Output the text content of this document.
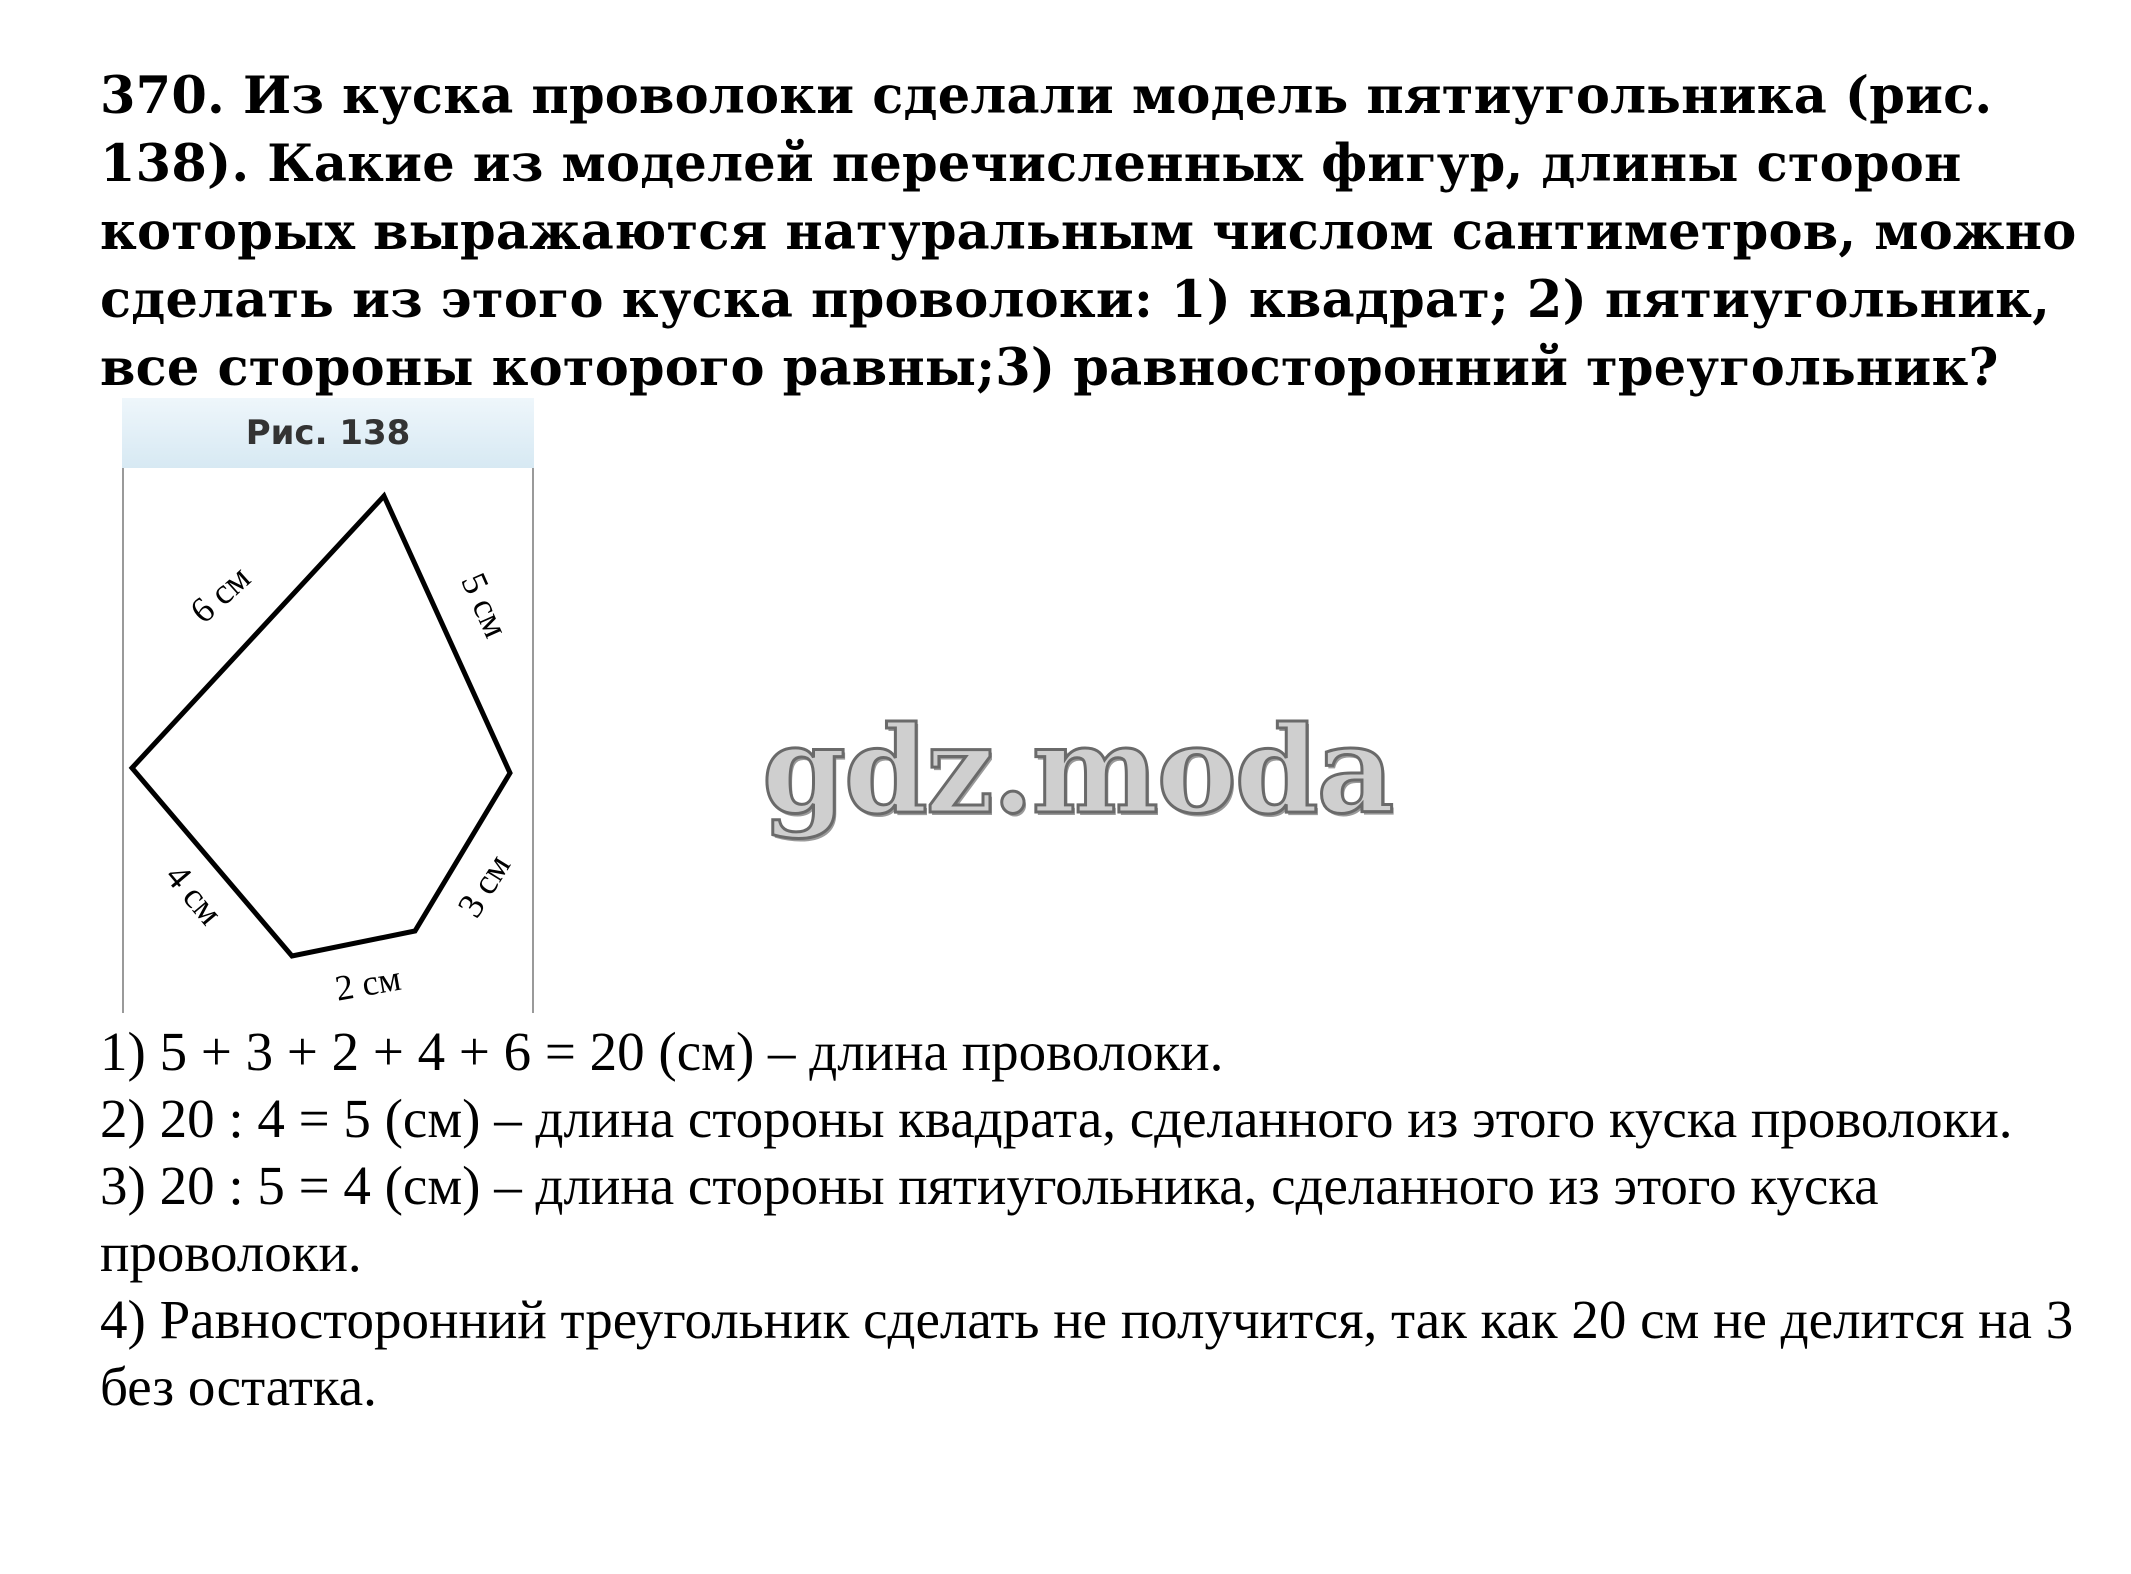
370. Из куска проволоки сделали модель пятиугольника (рис. 138). Какие из моделей перечисленных фигур, длины сторон которых выражаются натуральным числом сантиметров, можно сделать из этого куска проволоки: 1) квадрат; 2) пятиугольник, все стороны которого равны;3) равносторонний треугольник?

Рис. 138
6 см	5 см
3 см
2 см
4 см
gdz.moda

1) 5 + 3 + 2 + 4 + 6 = 20 (см) – длина проволоки.

2) 20 : 4 = 5 (см) – длина стороны квадрата, сделанного из этого куска проволоки.

3) 20 : 5 = 4 (см) – длина стороны пятиугольника, сделанного из этого куска проволоки.

4) Равносторонний треугольник сделать не получится, так как 20 см не делится на 3 без остатка.
